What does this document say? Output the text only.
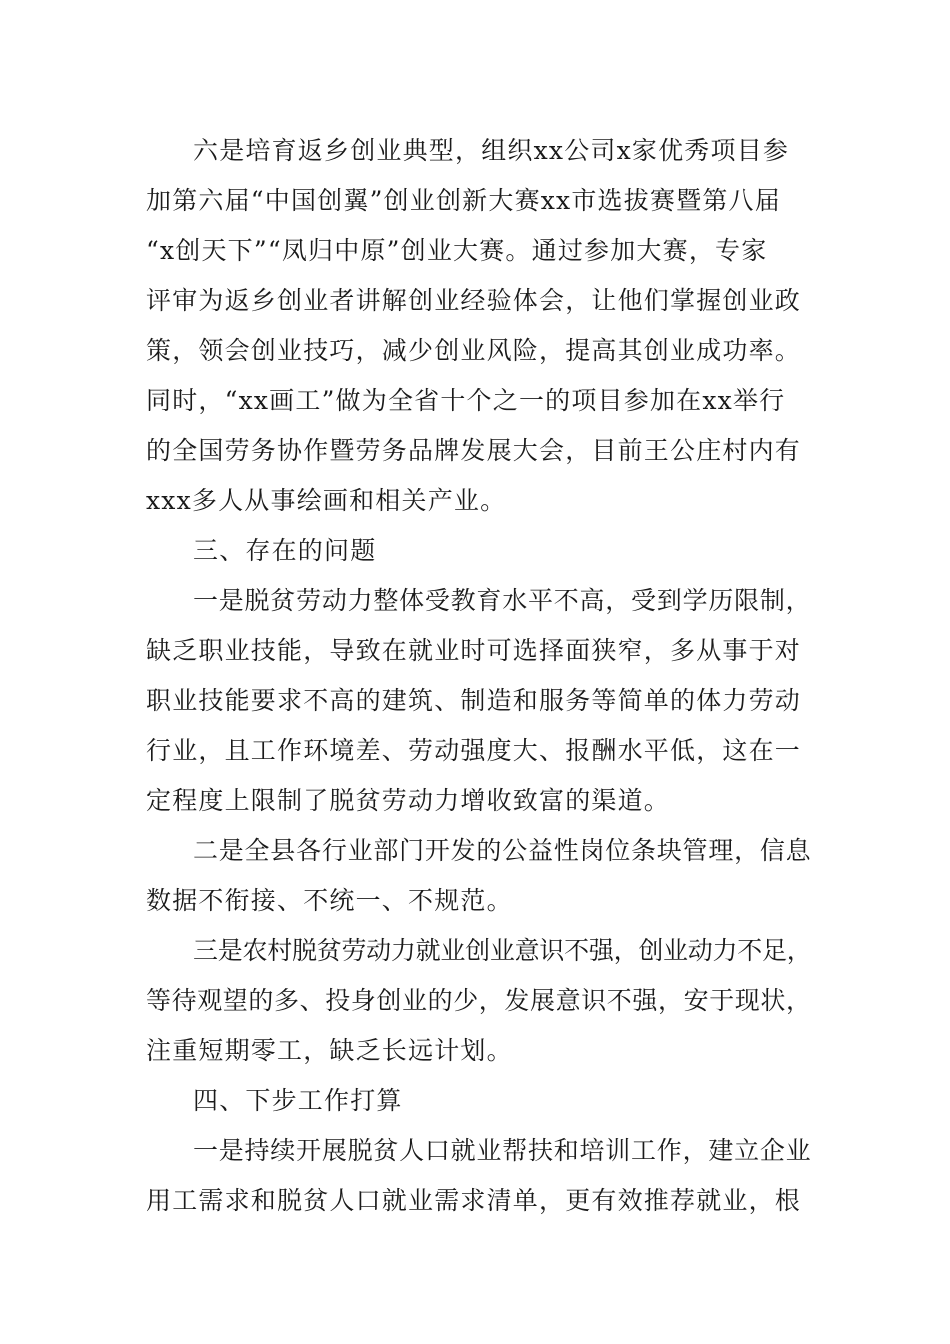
六是培育返乡创业典型，组织xx公司x家优秀项目参
加第六届“中国创翼”创业创新大赛xx市选拔赛暨第八届
“x创天下”“凤归中原”创业大赛。通过参加大赛，专家
评审为返乡创业者讲解创业经验体会，让他们掌握创业政
策，领会创业技巧，减少创业风险，提高其创业成功率。
同时，“xx画工”做为全省十个之一的项目参加在xx举行
的全国劳务协作暨劳务品牌发展大会，目前王公庄村内有
xxx多人从事绘画和相关产业。
三、存在的问题
一是脱贫劳动力整体受教育水平不高，受到学历限制，
缺乏职业技能，导致在就业时可选择面狭窄，多从事于对
职业技能要求不高的建筑、制造和服务等简单的体力劳动
行业，且工作环境差、劳动强度大、报酬水平低，这在一
定程度上限制了脱贫劳动力增收致富的渠道。
二是全县各行业部门开发的公益性岗位条块管理，信息
数据不衔接、不统一、不规范。
三是农村脱贫劳动力就业创业意识不强，创业动力不足，
等待观望的多、投身创业的少，发展意识不强，安于现状，
注重短期零工，缺乏长远计划。
四、下步工作打算
一是持续开展脱贫人口就业帮扶和培训工作，建立企业
用工需求和脱贫人口就业需求清单，更有效推荐就业，根
